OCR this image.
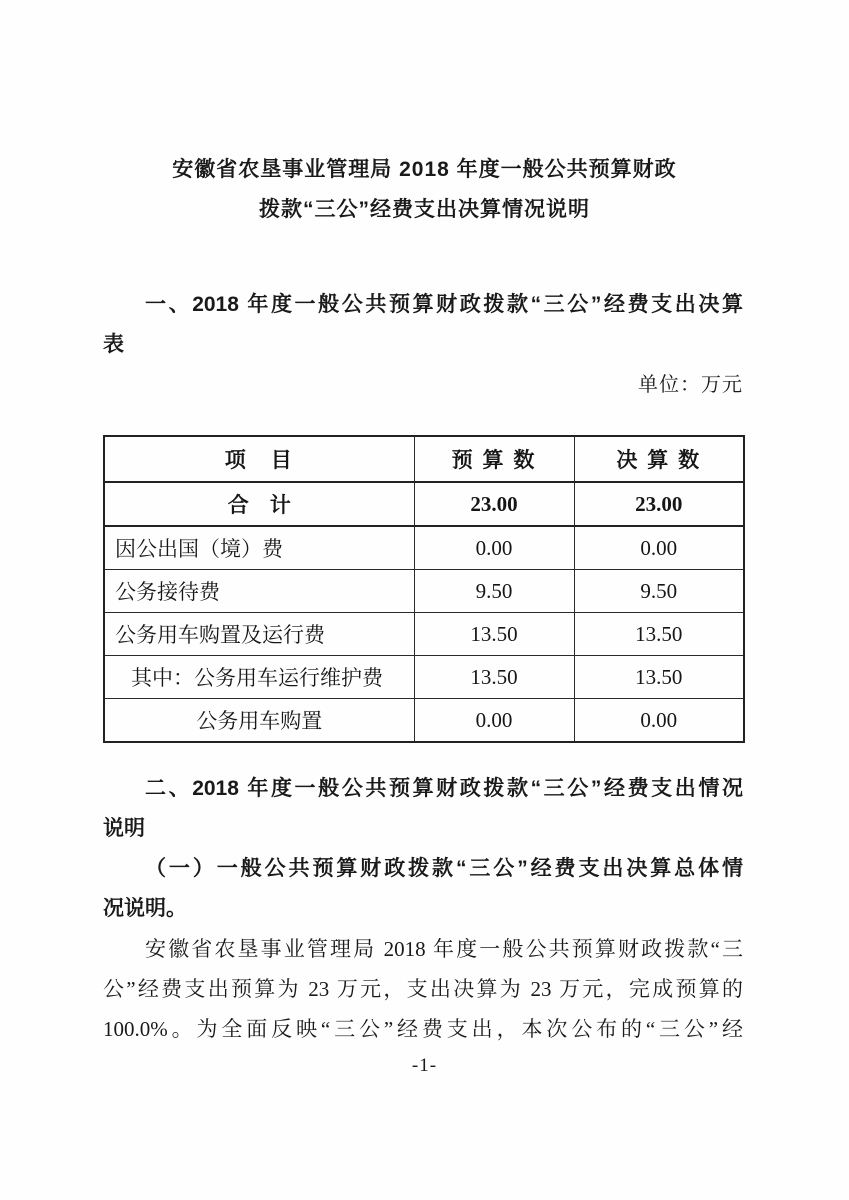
安徽省农垦事业管理局 2018 年度一般公共预算财政
拨款“三公”经费支出决算情况说明
一、2018 年度一般公共预算财政拨款“三公”经费支出决算
表
单位：万元
项　目	预 算 数	决 算 数
合　计	23.00	23.00
因公出国（境）费	0.00	0.00
公务接待费	9.50	9.50
公务用车购置及运行费	13.50	13.50
其中：公务用车运行维护费	13.50	13.50
公务用车购置	0.00	0.00
二、2018 年度一般公共预算财政拨款“三公”经费支出情况
说明
（一）一般公共预算财政拨款“三公”经费支出决算总体情
况说明。
安徽省农垦事业管理局 2018 年度一般公共预算财政拨款“三
公”经费支出预算为 23 万元，支出决算为 23 万元，完成预算的
100.0%。为全面反映“三公”经费支出，本次公布的“三公”经
-1-
